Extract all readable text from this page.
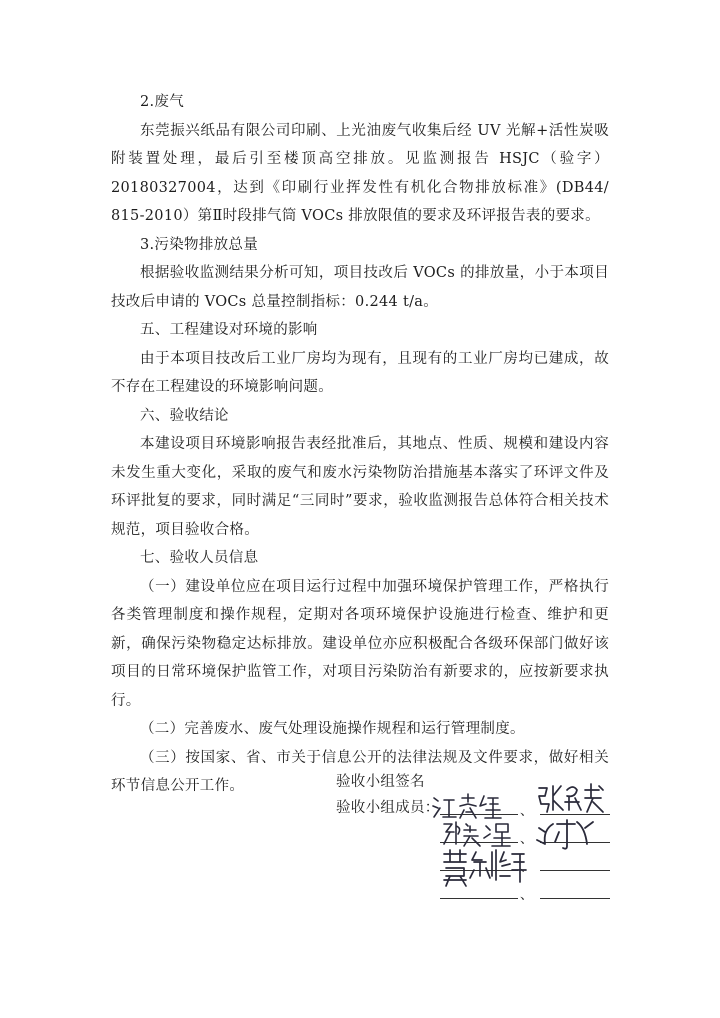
2.废气

东莞振兴纸品有限公司印刷、上光油废气收集后经 UV 光解+活性炭吸附装置处理，最后引至楼顶高空排放。见监测报告 HSJC（验字）20180327004，达到《印刷行业挥发性有机化合物排放标准》(DB44/ 815-2010）第Ⅱ时段排气筒 VOCs 排放限值的要求及环评报告表的要求。

3.污染物排放总量

根据验收监测结果分析可知，项目技改后 VOCs 的排放量，小于本项目技改后申请的 VOCs 总量控制指标：0.244 t/a。

五、工程建设对环境的影响

由于本项目技改后工业厂房均为现有，且现有的工业厂房均已建成，故不存在工程建设的环境影响问题。

六、验收结论

本建设项目环境影响报告表经批准后，其地点、性质、规模和建设内容未发生重大变化，采取的废气和废水污染物防治措施基本落实了环评文件及环评批复的要求，同时满足“三同时”要求，验收监测报告总体符合相关技术规范，项目验收合格。

七、验收人员信息

（一）建设单位应在项目运行过程中加强环境保护管理工作，严格执行各类管理制度和操作规程，定期对各项环境保护设施进行检查、维护和更新，确保污染物稳定达标排放。建设单位亦应积极配合各级环保部门做好该项目的日常环境保护监管工作，对项目污染防治有新要求的，应按新要求执行。

（二）完善废水、废气处理设施操作规程和运行管理制度。

（三）按国家、省、市关于信息公开的法律法规及文件要求，做好相关环节信息公开工作。	验收小组签名
验收小组成员：	、
、
、
、
